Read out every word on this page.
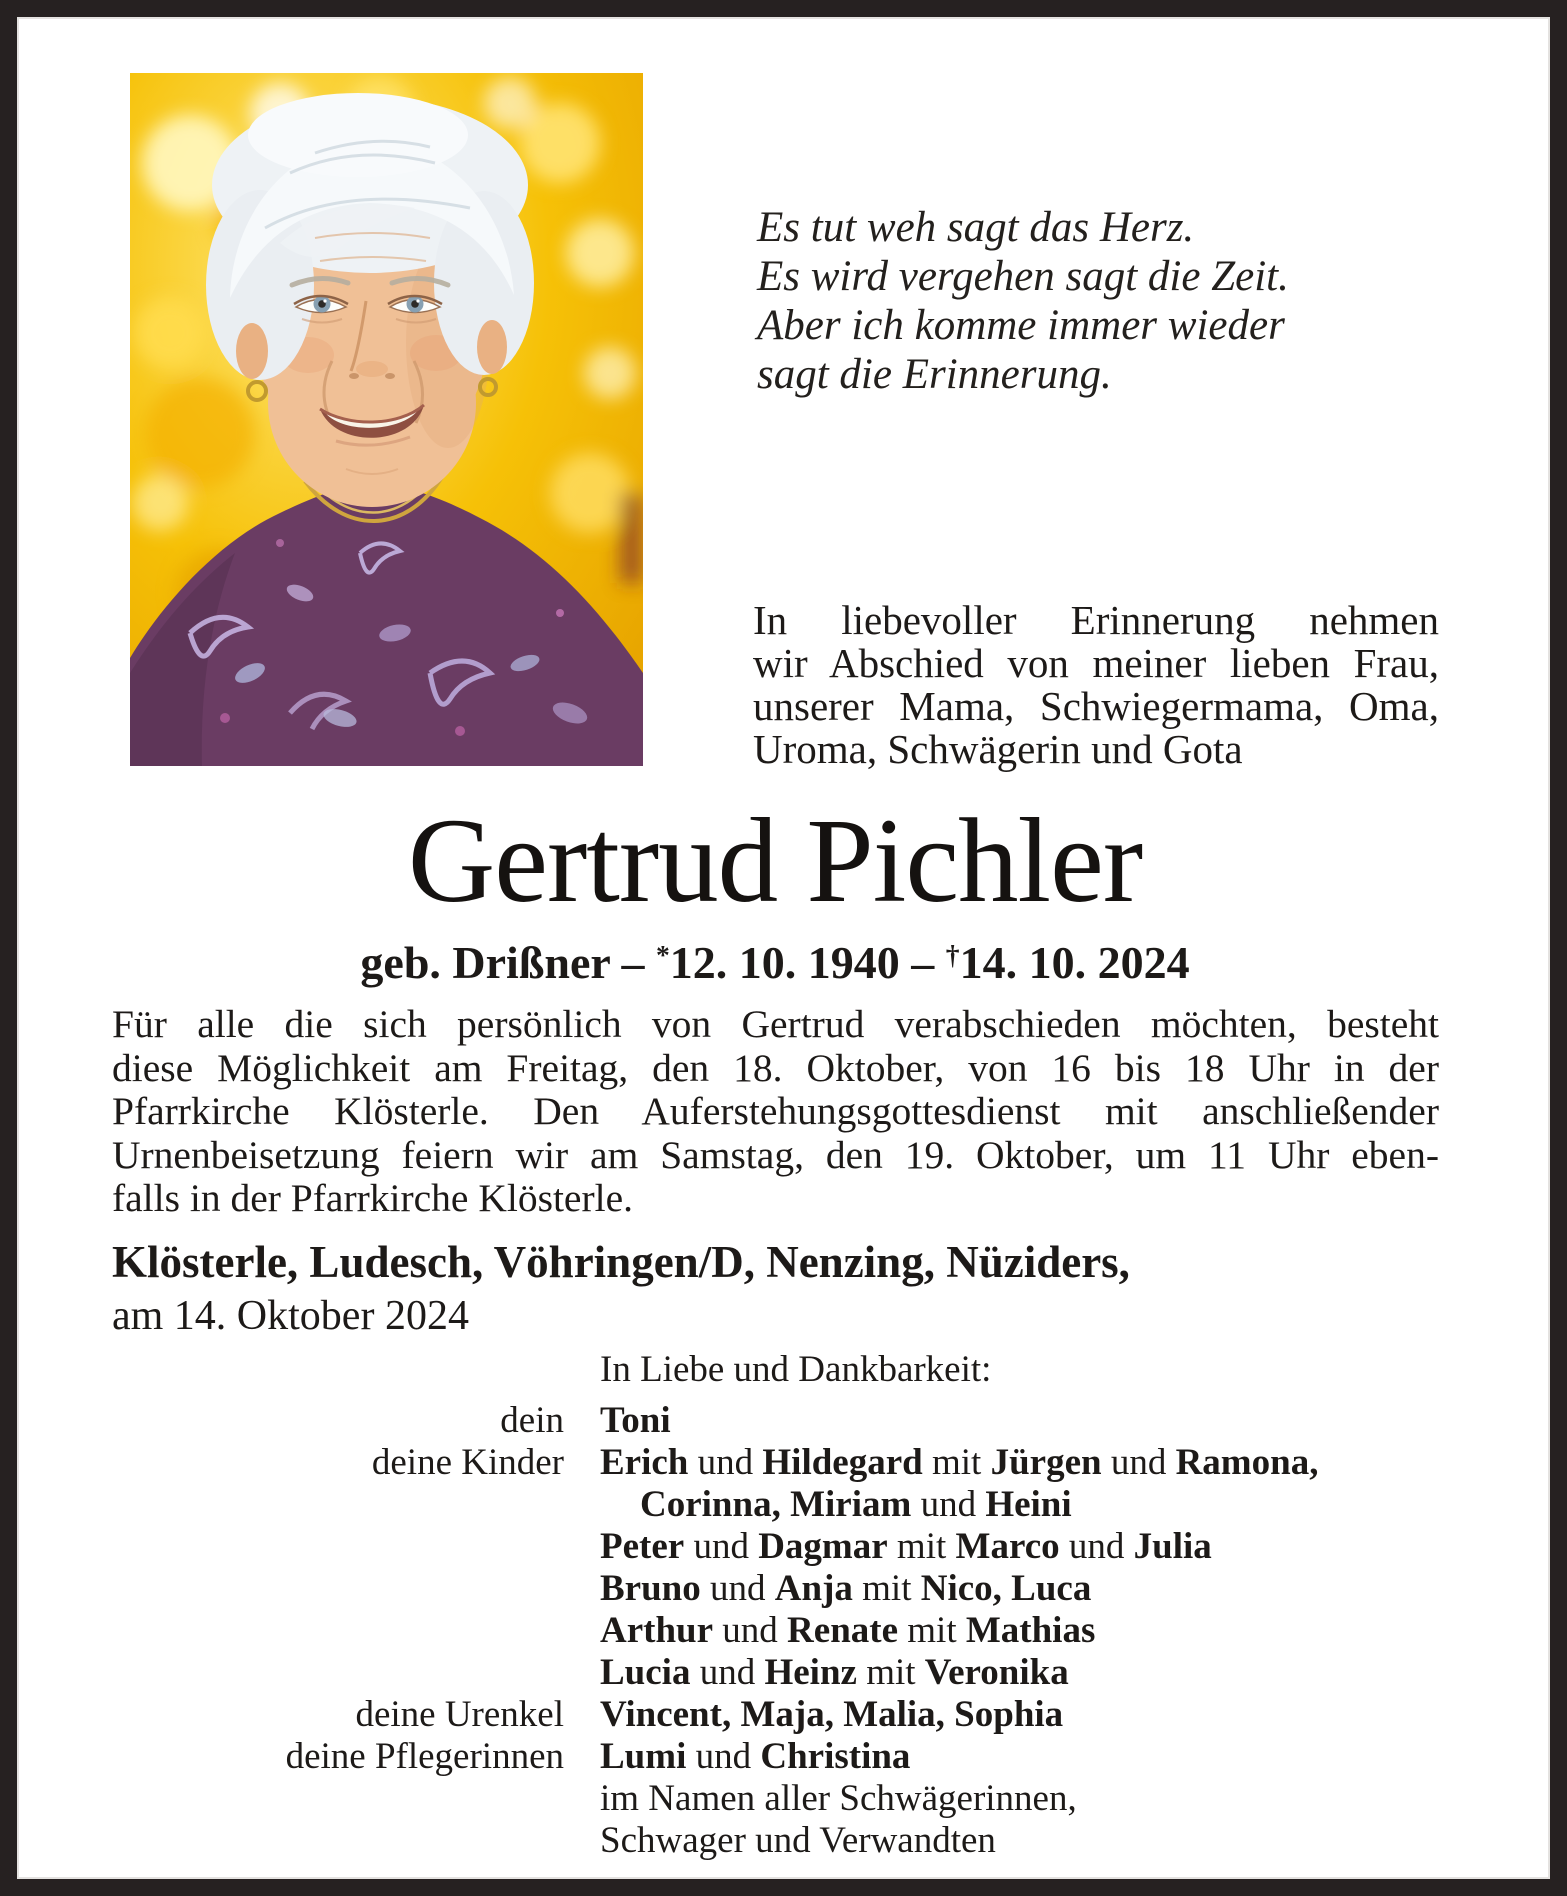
Es tut weh sagt das Herz.
Es wird vergehen sagt die Zeit.
Aber ich komme immer wieder
sagt die Erinnerung.
In liebevoller Erinnerung nehmen
wir Abschied von meiner lieben Frau,
unserer Mama, Schwiegermama, Oma,
Uroma, Schwägerin und Gota
Gertrud Pichler
geb. Drißner – *12. 10. 1940 – †14. 10. 2024
Für alle die sich persönlich von Gertrud verabschieden möchten, besteht
diese Möglichkeit am Freitag, den 18. Oktober, von 16 bis 18 Uhr in der
Pfarrkirche Klösterle. Den Auferstehungsgottesdienst mit anschließender
Urnenbeisetzung feiern wir am Samstag, den 19. Oktober, um 11 Uhr eben-
falls in der Pfarrkirche Klösterle.
Klösterle, Ludesch, Vöhringen/D, Nenzing, Nüziders,
am 14. Oktober 2024
In Liebe und Dankbarkeit:
dein Toni
deine Kinder Erich und Hildegard mit Jürgen und Ramona,
Corinna, Miriam und Heini
Peter und Dagmar mit Marco und Julia
Bruno und Anja mit Nico, Luca
Arthur und Renate mit Mathias
Lucia und Heinz mit Veronika
deine Urenkel Vincent, Maja, Malia, Sophia
deine Pflegerinnen Lumi und Christina
im Namen aller Schwägerinnen,
Schwager und Verwandten
